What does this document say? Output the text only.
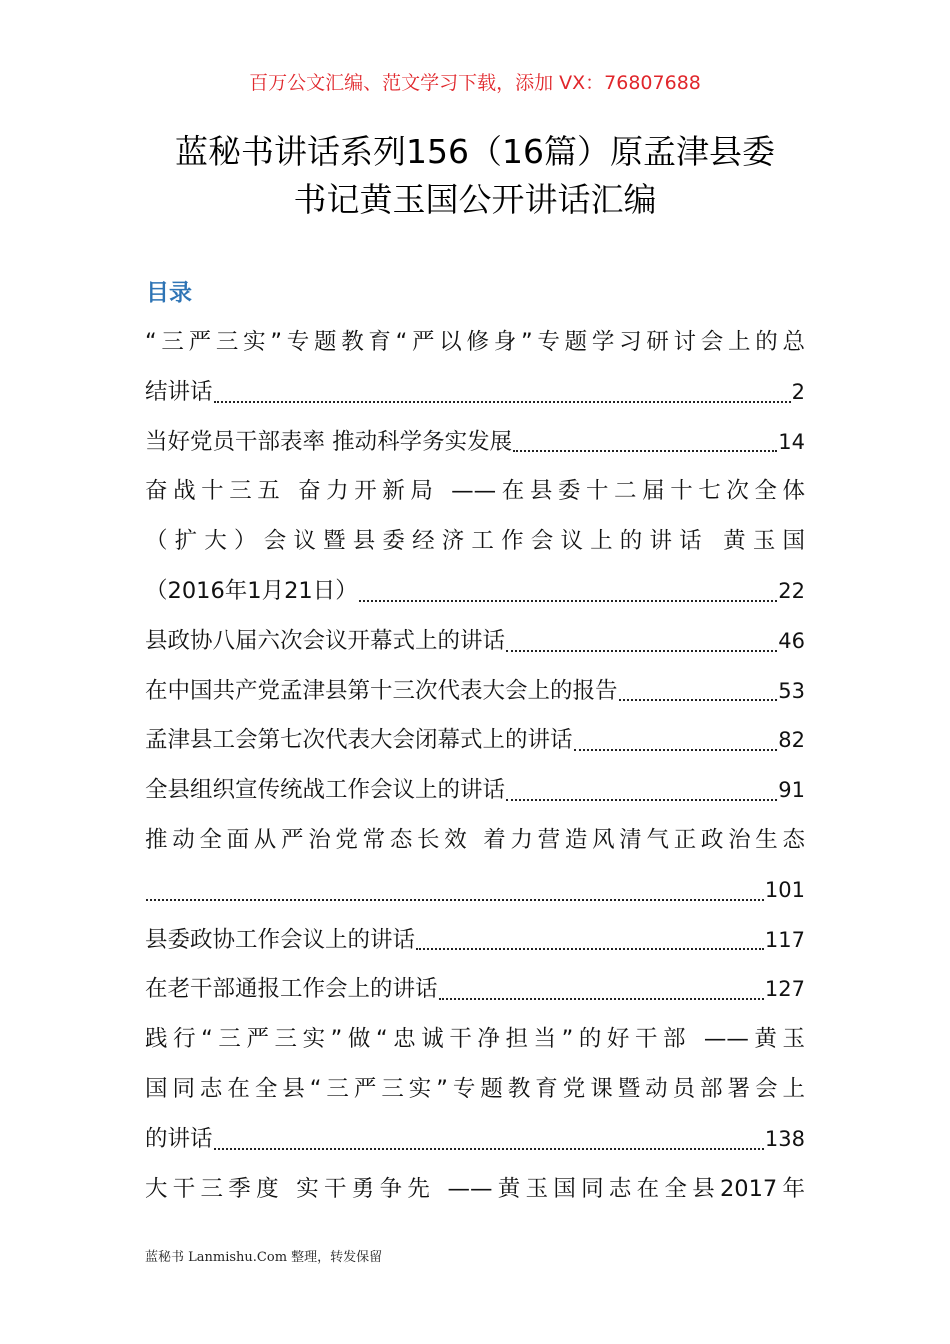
百万公文汇编、范文学习下载，添加 VX：76807688
蓝秘书讲话系列156（16篇）原孟津县委
书记黄玉国公开讲话汇编
目录
“三严三实”专题教育“严以修身”专题学习研讨会上的总
结讲话	2
当好党员干部表率 推动科学务实发展	14
奋战十三五 奋力开新局 ——在县委十二届十七次全体
（扩大）会议暨县委经济工作会议上的讲话 黄玉国
（2016年1月21日）	22
县政协八届六次会议开幕式上的讲话	46
在中国共产党孟津县第十三次代表大会上的报告	53
孟津县工会第七次代表大会闭幕式上的讲话	82
全县组织宣传统战工作会议上的讲话	91
推动全面从严治党常态长效 着力营造风清气正政治生态
101
县委政协工作会议上的讲话	117
在老干部通报工作会上的讲话	127
践行“三严三实”做“忠诚干净担当”的好干部 ——黄玉
国同志在全县“三严三实”专题教育党课暨动员部署会上
的讲话	138
大干三季度 实干勇争先 ——黄玉国同志在全县2017年
蓝秘书 Lanmishu.Com 整理，转发保留
